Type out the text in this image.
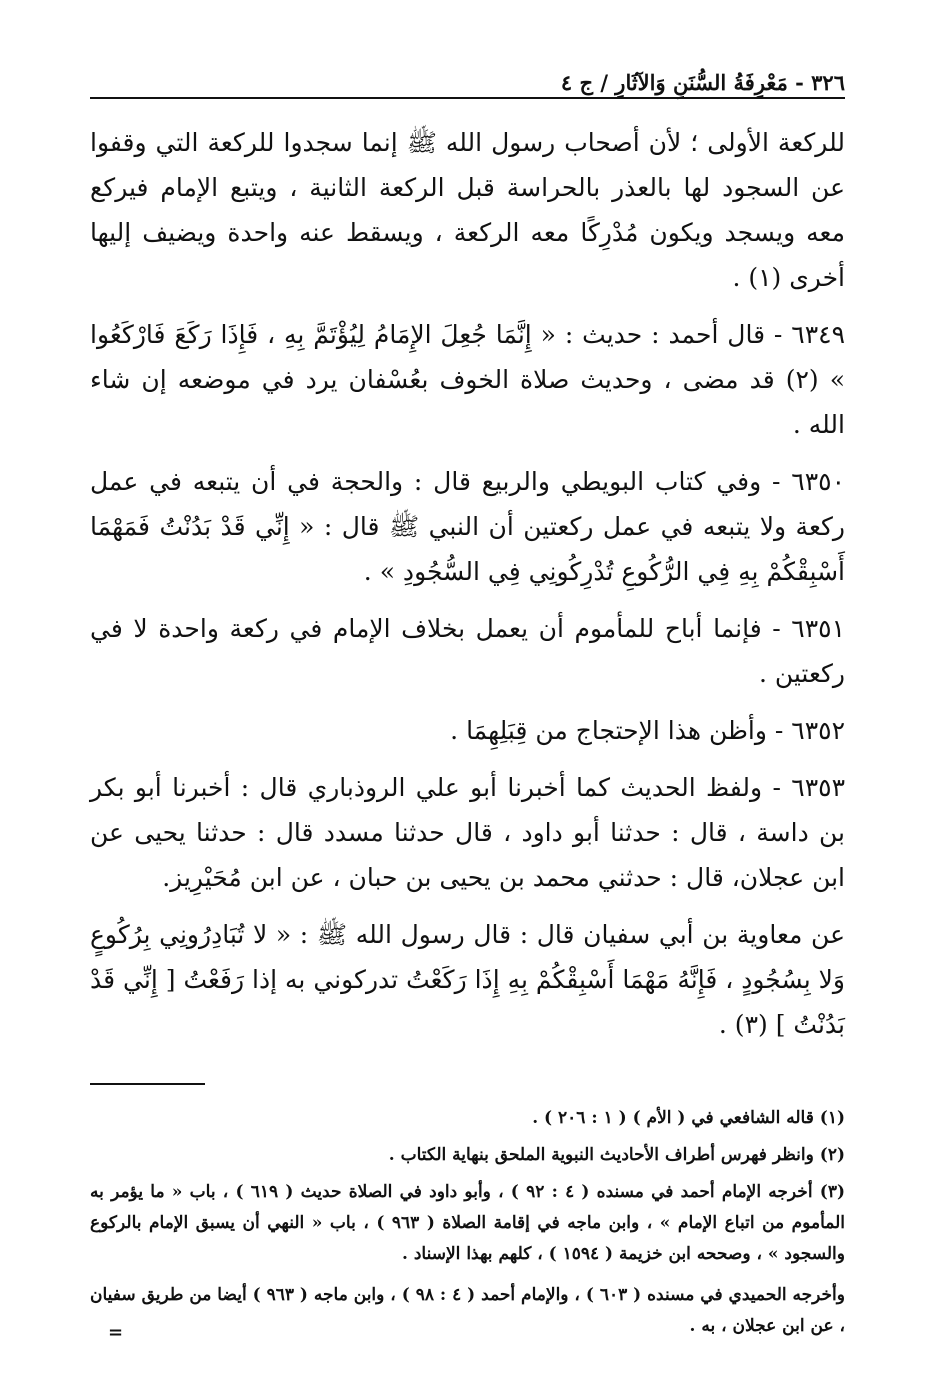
٣٢٦ - مَعْرِفَةُ السُّنَنِ وَالآثَارِ / ج ٤

للركعة الأولى ؛ لأن أصحاب رسول الله ﷺ إنما سجدوا للركعة التي وقفوا عن السجود لها بالعذر بالحراسة قبل الركعة الثانية ، ويتبع الإمام فيركع معه ويسجد ويكون مُدْرِكًا معه الركعة ، ويسقط عنه واحدة ويضيف إليها أخرى (١) .

٦٣٤٩ - قال أحمد : حديث : « إِنَّمَا جُعِلَ الإِمَامُ لِيُؤْتَمَّ بِهِ ، فَإِذَا رَكَعَ فَارْكَعُوا » (٢) قد مضى ، وحديث صلاة الخوف بعُسْفان يرد في موضعه إن شاء الله .

٦٣٥٠ - وفي كتاب البويطي والربيع قال : والحجة في أن يتبعه في عمل ركعة ولا يتبعه في عمل ركعتين أن النبي ﷺ قال : « إِنِّي قَدْ بَدُنْتُ فَمَهْمَا أَسْبِقْكُمْ بِهِ فِي الرُّكُوعِ تُدْرِكُونِي فِي السُّجُودِ » .

٦٣٥١ - فإنما أباح للمأموم أن يعمل بخلاف الإمام في ركعة واحدة لا في ركعتين .

٦٣٥٢ - وأظن هذا الإحتجاج من قِبَلِهِمَا .

٦٣٥٣ - ولفظ الحديث كما أخبرنا أبو علي الروذباري قال : أخبرنا أبو بكر بن داسة ، قال : حدثنا أبو داود ، قال حدثنا مسدد قال : حدثنا يحيى عن ابن عجلان، قال : حدثني محمد بن يحيى بن حبان ، عن ابن مُحَيْرِيز.

عن معاوية بن أبي سفيان قال : قال رسول الله ﷺ : « لا تُبَادِرُونِي بِرُكُوعٍ وَلا بِسُجُودٍ ، فَإِنَّهُ مَهْمَا أَسْبِقْكُمْ بِهِ إِذَا رَكَعْتُ تدركوني به إذا رَفَعْتُ [ إِنِّي قَدْ بَدُنْتُ ] (٣) .

(١) قاله الشافعي في ( الأم ) ( ١ : ٢٠٦ ) .

(٢) وانظر فهرس أطراف الأحاديث النبوية الملحق بنهاية الكتاب .

(٣) أخرجه الإمام أحمد في مسنده ( ٤ : ٩٢ ) ، وأبو داود في الصلاة حديث ( ٦١٩ ) ، باب « ما يؤمر به المأموم من اتباع الإمام » ، وابن ماجه في إقامة الصلاة ( ٩٦٣ ) ، باب « النهي أن يسبق الإمام بالركوع والسجود » ، وصححه ابن خزيمة ( ١٥٩٤ ) ، كلهم بهذا الإسناد .

وأخرجه الحميدي في مسنده ( ٦٠٣ ) ، والإمام أحمد ( ٤ : ٩٨ ) ، وابن ماجه ( ٩٦٣ ) أيضا من طريق سفيان ، عن ابن عجلان ، به .

=
